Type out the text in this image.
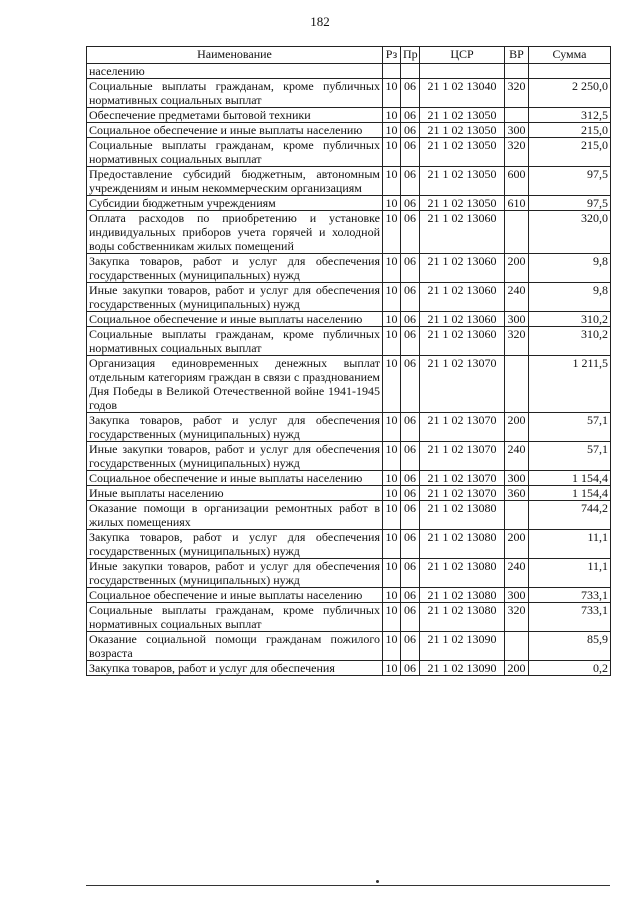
182
Наименование	Рз	Пр	ЦСР	ВР	Сумма
населению					
Социальные выплаты гражданам, кроме публичных нормативных социальных выплат	10	06	21 1 02 13040	320	2 250,0
Обеспечение предметами бытовой техники	10	06	21 1 02 13050		312,5
Социальное обеспечение и иные выплаты населению	10	06	21 1 02 13050	300	215,0
Социальные выплаты гражданам, кроме публичных нормативных социальных выплат	10	06	21 1 02 13050	320	215,0
Предоставление субсидий бюджетным, автономным учреждениям и иным некоммерческим организациям	10	06	21 1 02 13050	600	97,5
Субсидии бюджетным учреждениям	10	06	21 1 02 13050	610	97,5
Оплата расходов по приобретению и установке индивидуальных приборов учета горячей и холодной воды собственникам жилых помещений	10	06	21 1 02 13060		320,0
Закупка товаров, работ и услуг для обеспечения государственных (муниципальных) нужд	10	06	21 1 02 13060	200	9,8
Иные закупки товаров, работ и услуг для обеспечения государственных (муниципальных) нужд	10	06	21 1 02 13060	240	9,8
Социальное обеспечение и иные выплаты населению	10	06	21 1 02 13060	300	310,2
Социальные выплаты гражданам, кроме публичных нормативных социальных выплат	10	06	21 1 02 13060	320	310,2
Организация единовременных денежных выплат отдельным категориям граждан в связи с празднованием Дня Победы в Великой Отечественной войне 1941-1945 годов	10	06	21 1 02 13070		1 211,5
Закупка товаров, работ и услуг для обеспечения государственных (муниципальных) нужд	10	06	21 1 02 13070	200	57,1
Иные закупки товаров, работ и услуг для обеспечения государственных (муниципальных) нужд	10	06	21 1 02 13070	240	57,1
Социальное обеспечение и иные выплаты населению	10	06	21 1 02 13070	300	1 154,4
Иные выплаты населению	10	06	21 1 02 13070	360	1 154,4
Оказание помощи в организации ремонтных работ в жилых помещениях	10	06	21 1 02 13080		744,2
Закупка товаров, работ и услуг для обеспечения государственных (муниципальных) нужд	10	06	21 1 02 13080	200	11,1
Иные закупки товаров, работ и услуг для обеспечения государственных (муниципальных) нужд	10	06	21 1 02 13080	240	11,1
Социальное обеспечение и иные выплаты населению	10	06	21 1 02 13080	300	733,1
Социальные выплаты гражданам, кроме публичных нормативных социальных выплат	10	06	21 1 02 13080	320	733,1
Оказание социальной помощи гражданам пожилого возраста	10	06	21 1 02 13090		85,9
Закупка товаров, работ и услуг для обеспечения	10	06	21 1 02 13090	200	0,2
